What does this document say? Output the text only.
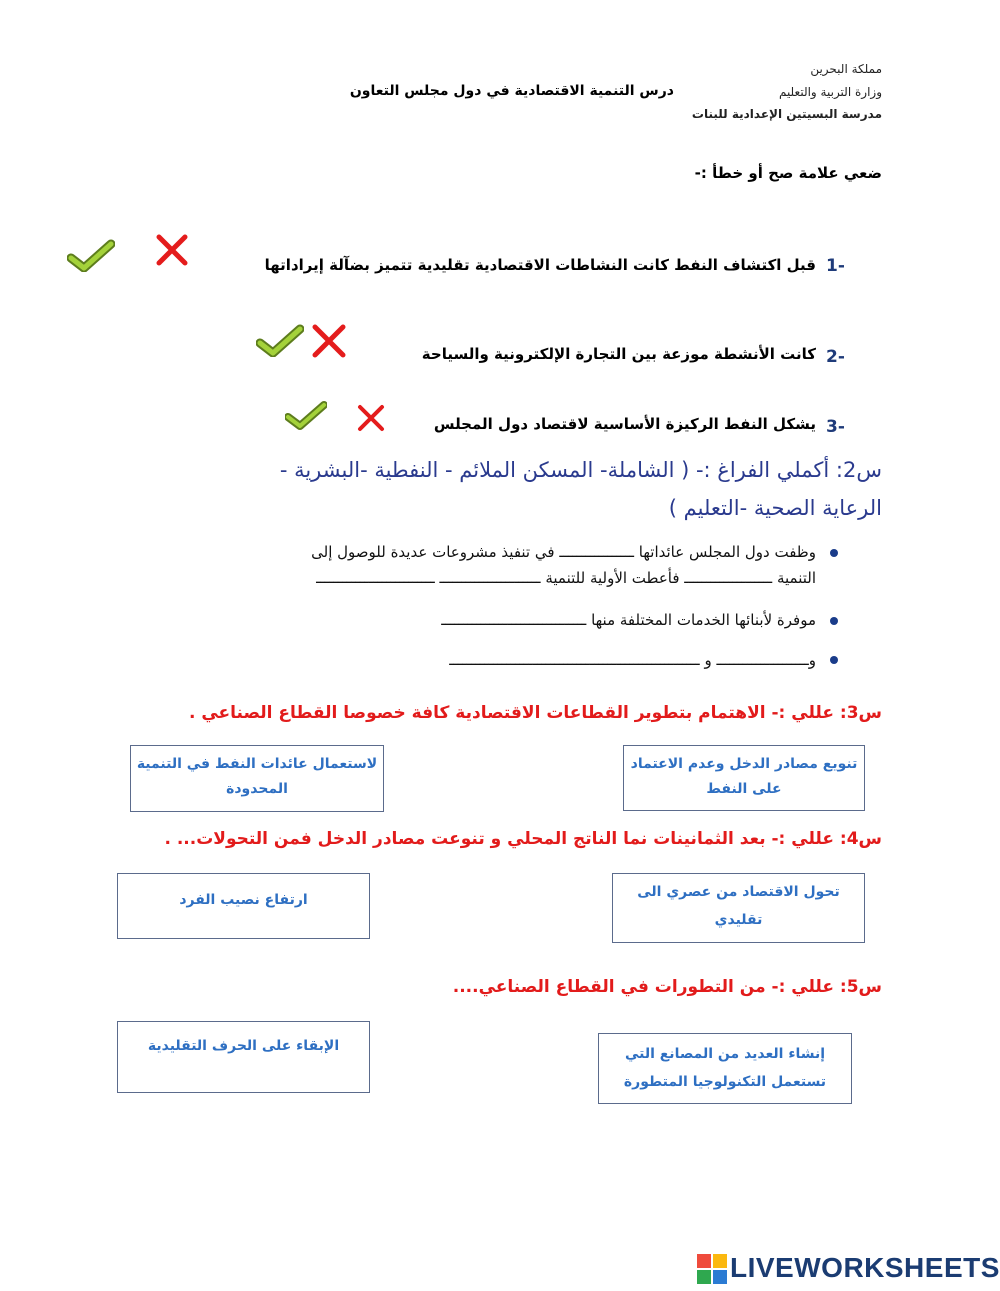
مملكة البحرين
وزارة التربية والتعليم
مدرسة البسيتين الإعدادية للبنات
درس التنمية الاقتصادية في دول مجلس التعاون
ضعي علامة صح أو خطأ :-
1-
قبل اكتشاف النفط كانت النشاطات الاقتصادية تقليدية تتميز بضآلة إيراداتها
2-
كانت الأنشطة موزعة بين التجارة الإلكترونية والسياحة
3-
يشكل النفط الركيزة الأساسية لاقتصاد دول المجلس
س2: أكملي الفراغ :- ( الشاملة- المسكن الملائم - النفطية -البشرية -
الرعاية الصحية -التعليم )
وظفت دول المجلس عائداتها ـــــــــــــــــ في تنفيذ مشروعات عديدة للوصول إلى
التنمية ــــــــــــــــــــ فأعطت الأولية للتنمية ـــــــــــــــــــــــ ـــــــــــــــــــــــــــ
موفرة لأبنائها الخدمات المختلفة منها ـــــــــــــــــــــــــــــــــ
وـــــــــــــــــــــ و ـــــــــــــــــــــــــــــــــــــــــــــــــــــــــ
س3: عللي :- الاهتمام بتطوير القطاعات الاقتصادية كافة خصوصا القطاع الصناعي .
تنويع مصادر الدخل وعدم الاعتماد على النفط
لاستعمال عائدات النفط في التنمية المحدودة
س4: عللي :- بعد الثمانينات نما الناتج المحلي و تنوعت مصادر الدخل فمن التحولات... .
تحول الاقتصاد من عصري الى تقليدي
ارتفاع نصيب الفرد
س5: عللي :- من التطورات في القطاع الصناعي....
إنشاء العديد من المصانع التي تستعمل التكنولوجيا المتطورة
الإبقاء على الحرف التقليدية
LIVEWORKSHEETS
